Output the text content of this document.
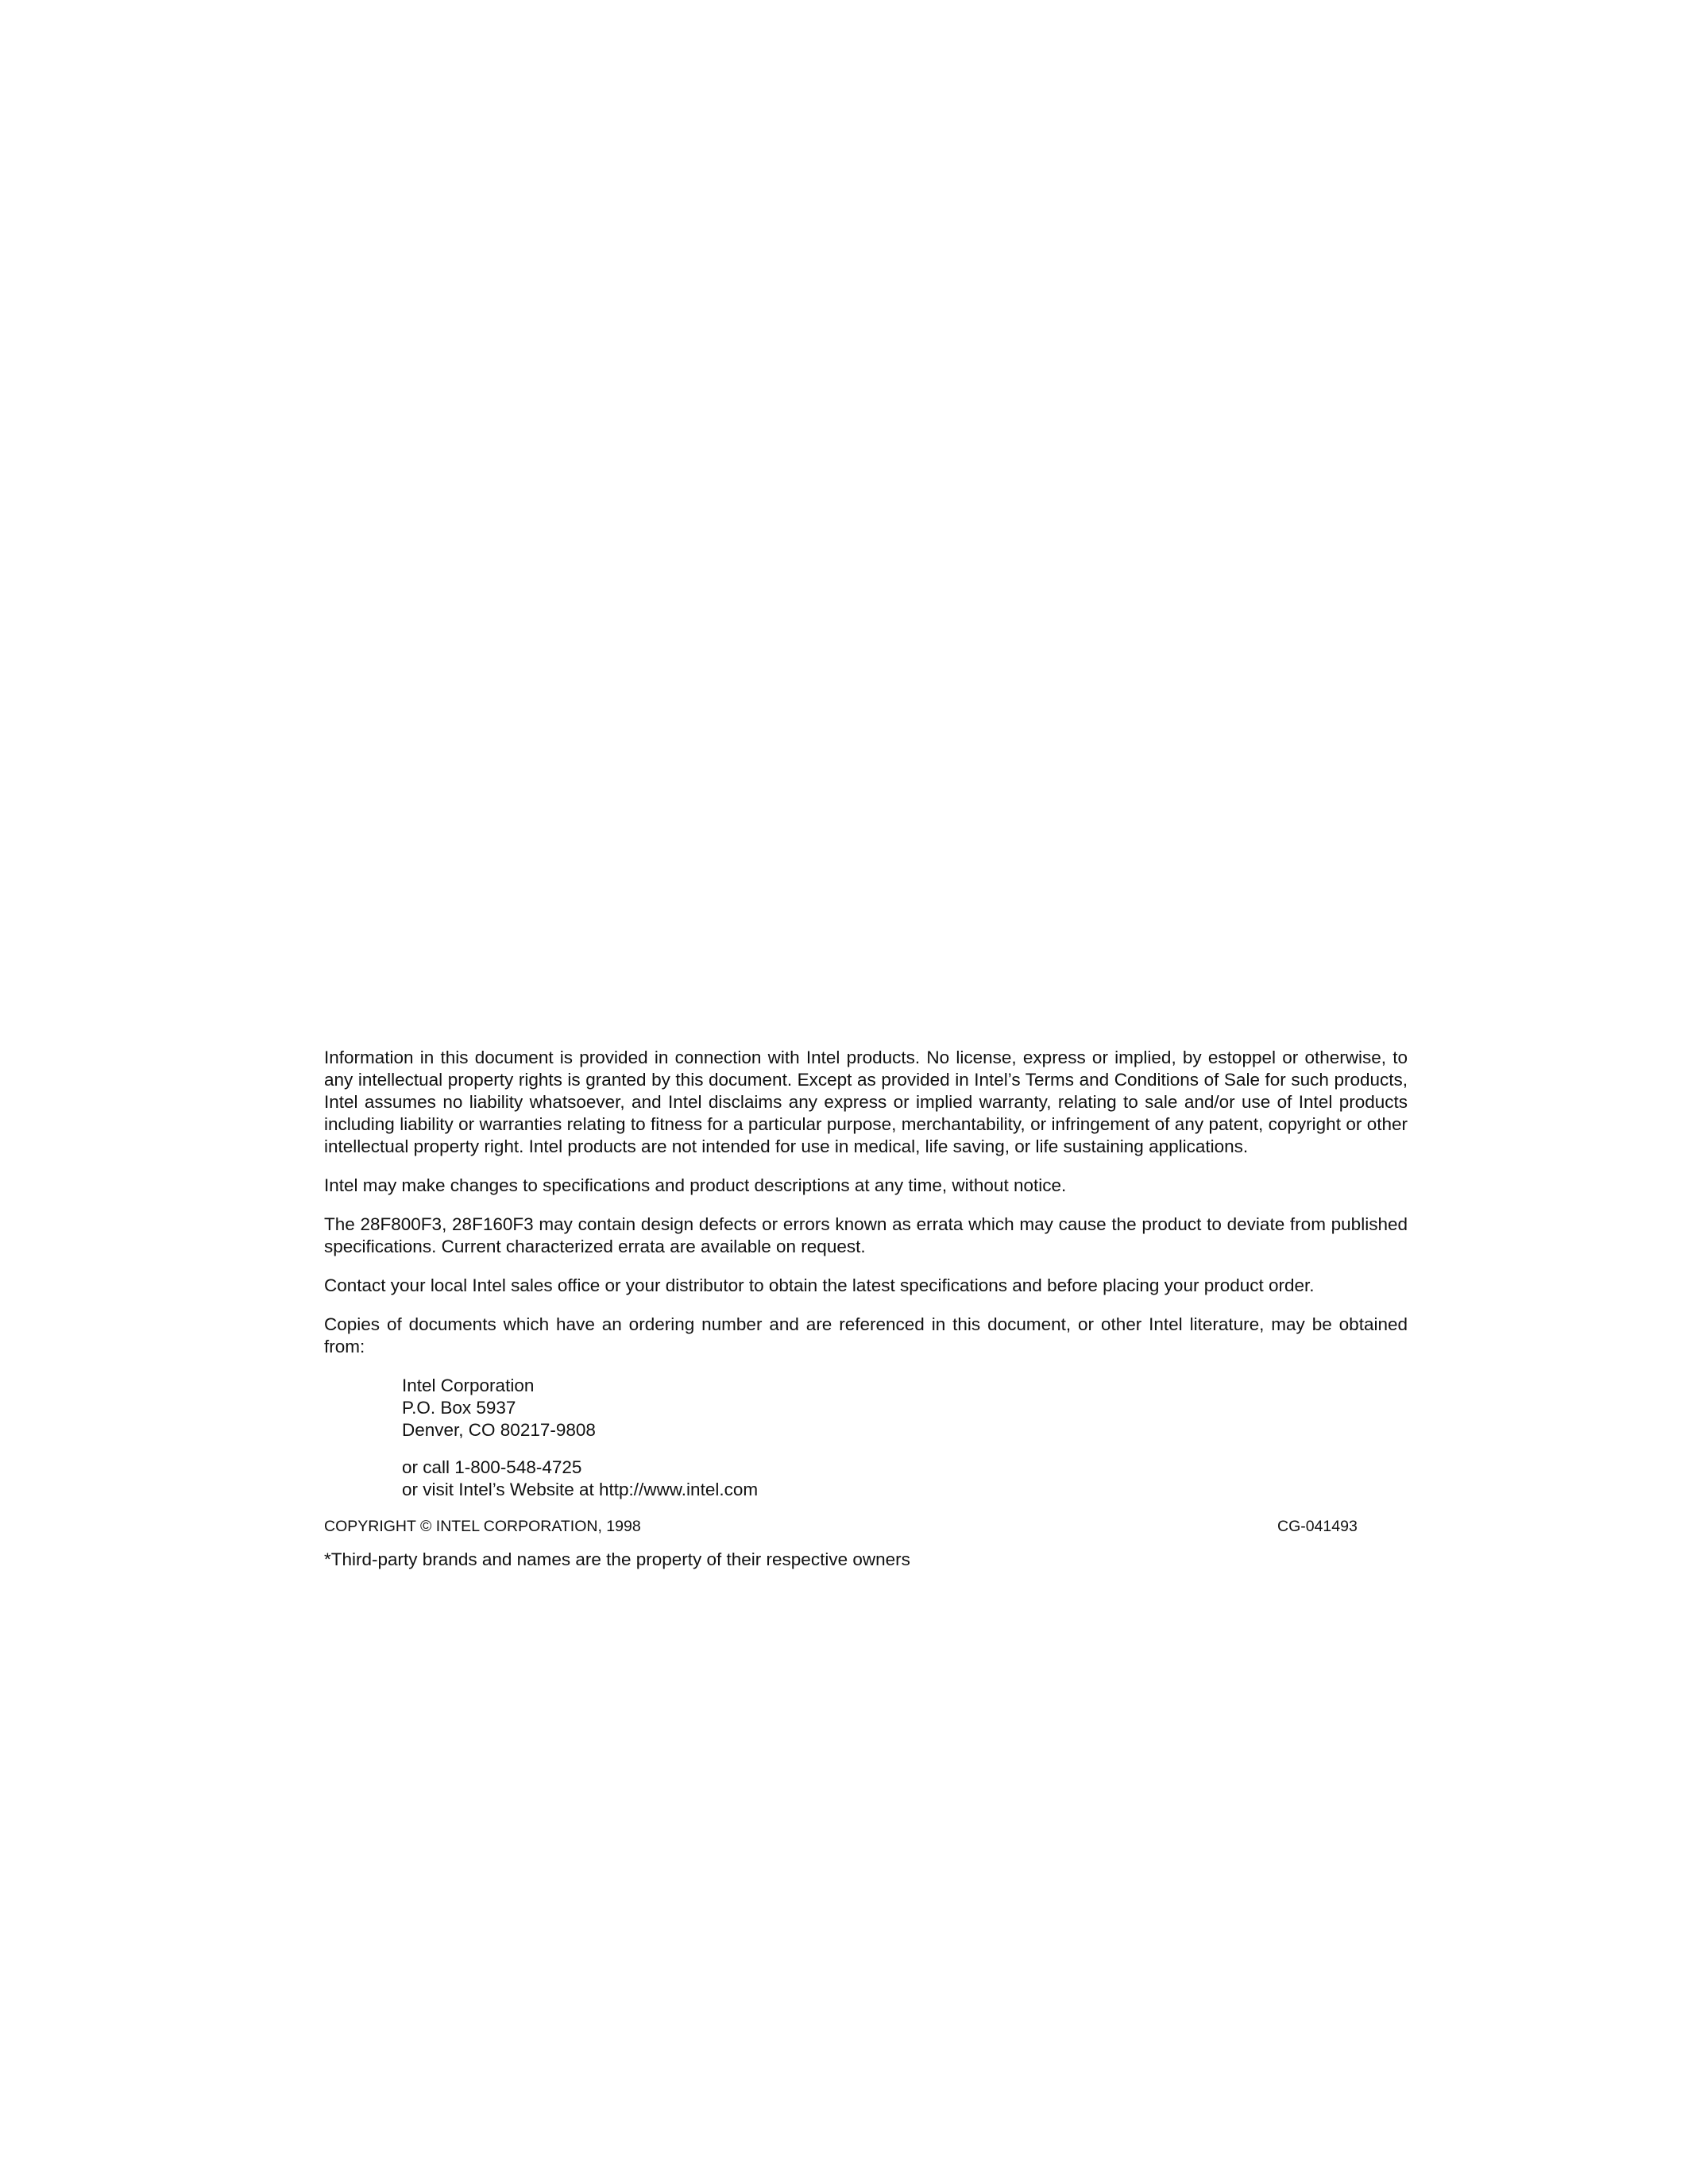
Information in this document is provided in connection with Intel products. No license, express or implied, by estoppel or otherwise, to any intellectual property rights is granted by this document. Except as provided in Intel’s Terms and Conditions of Sale for such products, Intel assumes no liability whatsoever, and Intel disclaims any express or implied warranty, relating to sale and/or use of Intel products including liability or warranties relating to fitness for a particular purpose, merchantability, or infringement of any patent, copyright or other intellectual property right. Intel products are not intended for use in medical, life saving, or life sustaining applications.

Intel may make changes to specifications and product descriptions at any time, without notice.

The 28F800F3, 28F160F3 may contain design defects or errors known as errata which may cause the product to deviate from published specifications. Current characterized errata are available on request.

Contact your local Intel sales office or your distributor to obtain the latest specifications and before placing your product order.

Copies of documents which have an ordering number and are referenced in this document, or other Intel literature, may be obtained from:

Intel Corporation
P.O. Box 5937
Denver, CO 80217-9808
or call 1-800-548-4725
or visit Intel’s Website at http://www.intel.com
COPYRIGHT © INTEL CORPORATION, 1998	CG-041493

*Third-party brands and names are the property of their respective owners
